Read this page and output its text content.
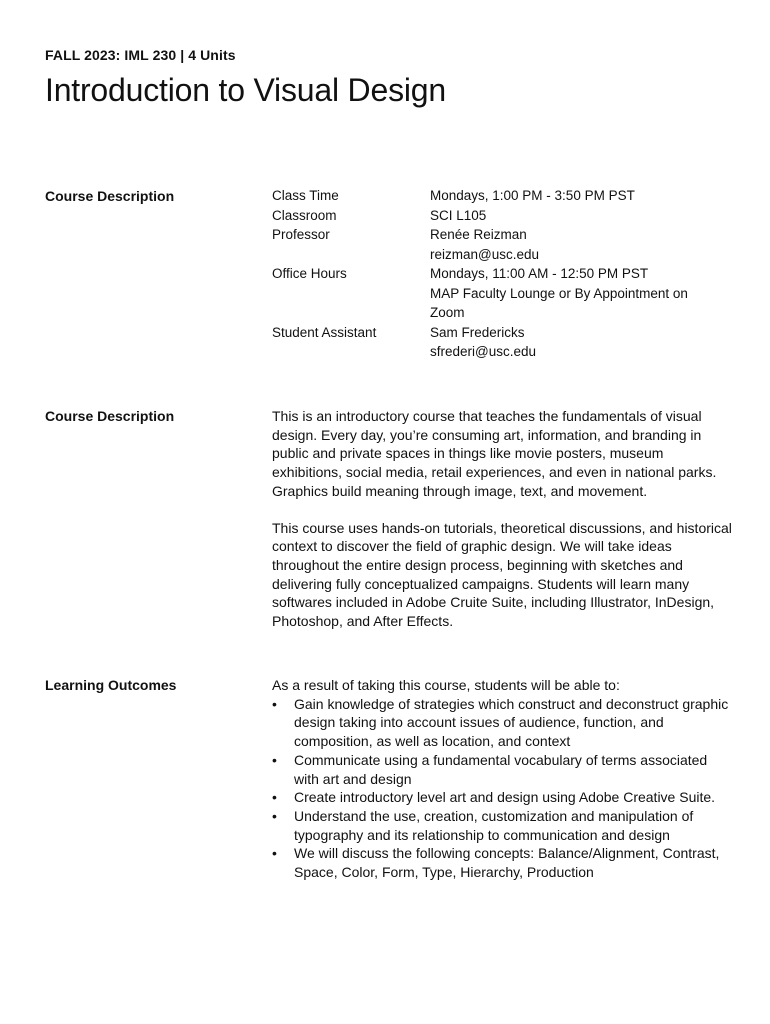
FALL 2023: IML 230 | 4 Units
Introduction to Visual Design
Course Description	Class Time	Mondays, 1:00 PM - 3:50 PM PST

Classroom	SCI L105

Professor	Renée Reizman
reizman@usc.edu

Office Hours	Mondays, 11:00 AM - 12:50 PM PST
MAP Faculty Lounge or By Appointment on
Zoom

Student Assistant	Sam Fredericks
sfrederi@usc.edu
Course Description	This is an introductory course that teaches the fundamentals of visual design. Every day, you’re consuming art, information, and branding in public and private spaces in things like movie posters, museum exhibitions, social media, retail experiences, and even in national parks. Graphics build meaning through image, text, and movement.

This course uses hands-on tutorials, theoretical discussions, and historical context to discover the field of graphic design. We will take ideas throughout the entire design process, beginning with sketches and delivering fully conceptualized campaigns. Students will learn many softwares included in Adobe Cruite Suite, including Illustrator, InDesign, Photoshop, and After Effects.

Learning Outcomes	As a result of taking this course, students will be able to:
• Gain knowledge of strategies which construct and deconstruct graphic design taking into account issues of audience, function, and composition, as well as location, and context
• Communicate using a fundamental vocabulary of terms associated with art and design
• Create introductory level art and design using Adobe Creative Suite.
• Understand the use, creation, customization and manipulation of typography and its relationship to communication and design
• We will discuss the following concepts: Balance/Alignment, Contrast, Space, Color, Form, Type, Hierarchy, Production
